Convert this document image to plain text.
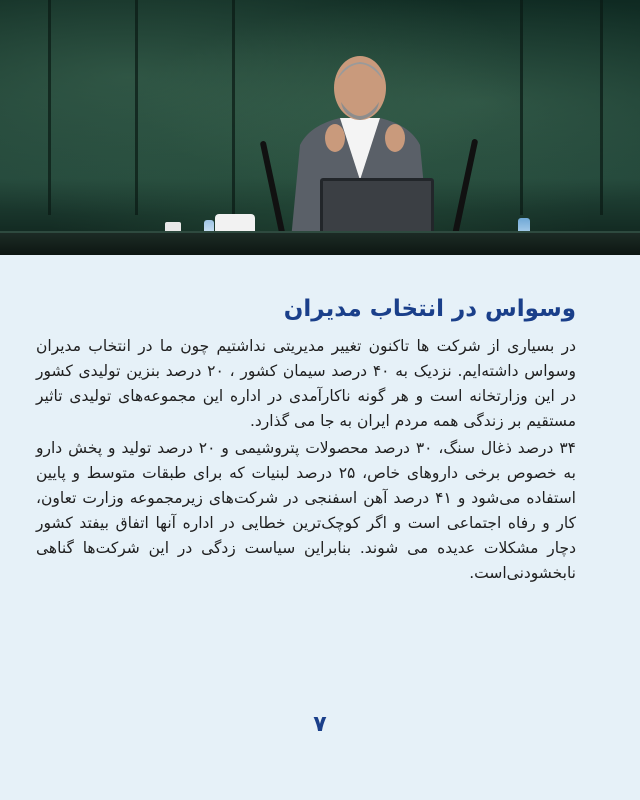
وسواس در انتخاب مدیران

در بسیاری از شرکت ها تاکنون تغییر مدیریتی نداشتیم چون ما در انتخاب مدیران وسواس داشته‌ایم. نزدیک به ۴۰ درصد سیمان کشور ، ۲۰ درصد بنزین تولیدی کشور در این وزارتخانه است و هر گونه ناکارآمدی در اداره این مجموعه‌های تولیدی تاثیر مستقیم بر زندگی همه مردم ایران به جا می گذارد.

۳۴ درصد ذغال سنگ، ۳۰ درصد محصولات پتروشیمی و ۲۰ درصد تولید و پخش دارو به خصوص برخی داروهای خاص، ۲۵ درصد لبنیات که برای طبقات متوسط و پایین استفاده می‌شود و ۴۱ درصد آهن اسفنجی در شرکت‌های زیرمجموعه وزارت تعاون، کار و رفاه اجتماعی است و اگر کوچک‌ترین خطایی در اداره آنها اتفاق بیفتد کشور دچار مشکلات عدیده می شوند. بنابراین سیاست زدگی در این شرکت‌ها گناهی نابخشودنی‌است.

۷
